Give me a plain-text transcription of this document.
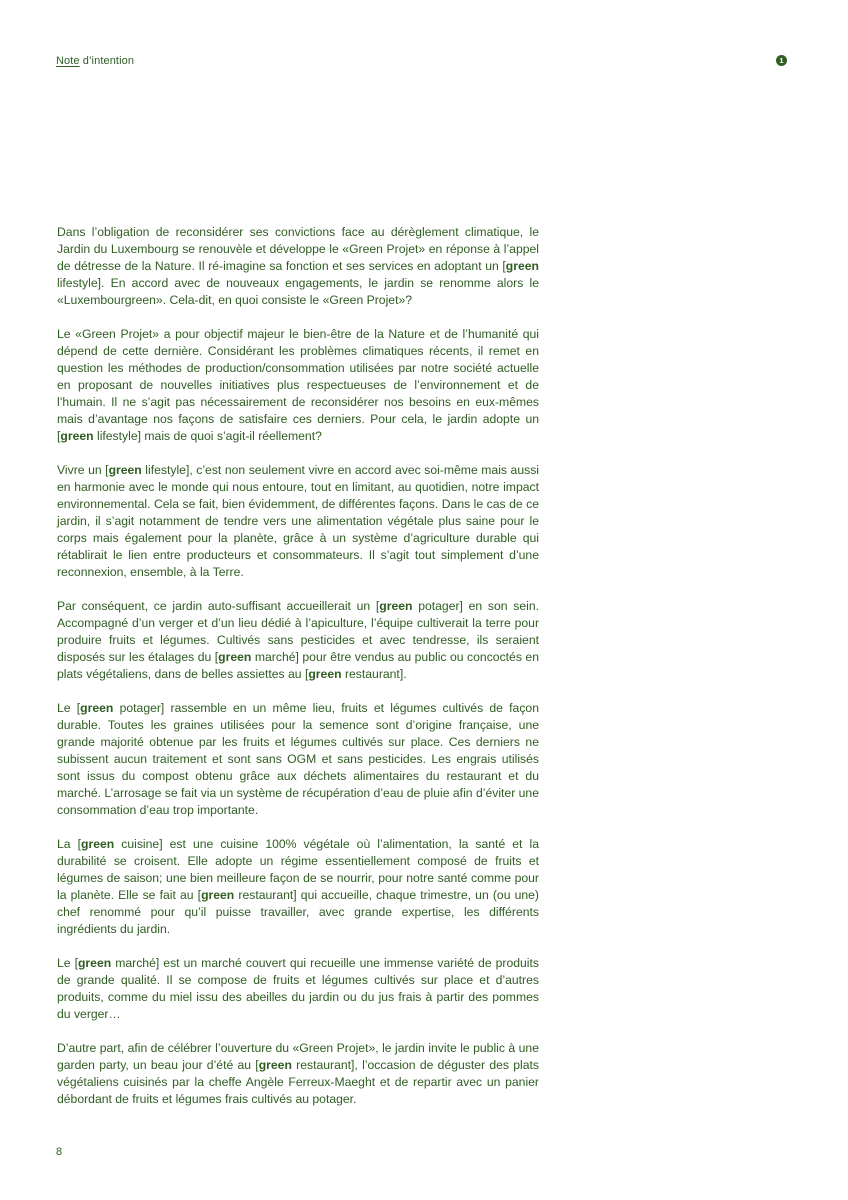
Note d’intention	1

Dans l’obligation de reconsidérer ses convictions face au dérèglement climatique, le Jardin du Luxembourg se renouvèle et développe le «Green Projet» en réponse à l’appel de détresse de la Nature. Il ré-imagine sa fonction et ses services en adoptant un [green lifestyle]. En accord avec de nouveaux engagements, le jardin se renomme alors le «Luxembourgreen». Cela-dit, en quoi consiste le «Green Projet»?

Le «Green Projet» a pour objectif majeur le bien-être de la Nature et de l’humanité qui dépend de cette dernière. Considérant les problèmes climatiques récents, il remet en question les méthodes de production/consommation utilisées par notre société actuelle en proposant de nouvelles initiatives plus respectueuses de l’environnement et de l’humain. Il ne s’agit pas nécessairement de reconsidérer nos besoins en eux-mêmes mais d’avantage nos façons de satisfaire ces derniers. Pour cela, le jardin adopte un [green lifestyle] mais de quoi s’agit-il réellement?

Vivre un [green lifestyle], c’est non seulement vivre en accord avec soi-même mais aussi en harmonie avec le monde qui nous entoure, tout en limitant, au quotidien, notre impact environnemental. Cela se fait, bien évidemment, de différentes façons. Dans le cas de ce jardin, il s’agit notamment de tendre vers une alimentation végétale plus saine pour le corps mais également pour la planète, grâce à un système d’agriculture durable qui rétablirait le lien entre producteurs et consommateurs. Il s’agit tout simplement d’une reconnexion, ensemble, à la Terre.

Par conséquent, ce jardin auto-suffisant accueillerait un [green potager] en son sein. Accompagné d’un verger et d’un lieu dédié à l’apiculture, l’équipe cultiverait la terre pour produire fruits et légumes. Cultivés sans pesticides et avec tendresse, ils seraient disposés sur les étalages du [green marché] pour être vendus au public ou concoctés en plats végétaliens, dans de belles assiettes au [green restaurant].

Le [green potager] rassemble en un même lieu, fruits et légumes cultivés de façon durable. Toutes les graines utilisées pour la semence sont d’origine française, une grande majorité obtenue par les fruits et légumes cultivés sur place. Ces derniers ne subissent aucun traitement et sont sans OGM et sans pesticides. Les engrais utilisés sont issus du compost obtenu grâce aux déchets alimentaires du restaurant et du marché. L’arrosage se fait via un système de récupération d’eau de pluie afin d’éviter une consommation d’eau trop importante.

La [green cuisine] est une cuisine 100% végétale où l’alimentation, la santé et la durabilité se croisent. Elle adopte un régime essentiellement composé de fruits et légumes de saison; une bien meilleure façon de se nourrir, pour notre santé comme pour la planète. Elle se fait au [green restaurant] qui accueille, chaque trimestre, un (ou une) chef renommé pour qu’il puisse travailler, avec grande expertise, les différents ingrédients du jardin.

Le [green marché] est un marché couvert qui recueille une immense variété de produits de grande qualité. Il se compose de fruits et légumes cultivés sur place et d’autres produits, comme du miel issu des abeilles du jardin ou du jus frais à partir des pommes du verger…

D’autre part, afin de célébrer l’ouverture du «Green Projet», le jardin invite le public à une garden party, un beau jour d’été au [green restaurant], l’occasion de déguster des plats végétaliens cuisinés par la cheffe Angèle Ferreux-Maeght et de repartir avec un panier débordant de fruits et légumes frais cultivés au potager.

8
